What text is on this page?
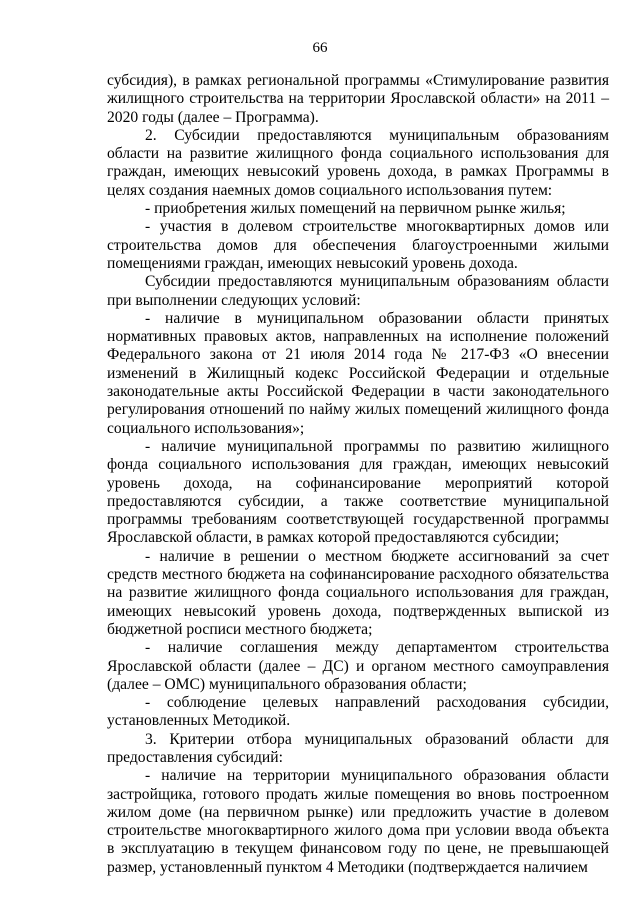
66

субсидия), в рамках региональной программы «Стимулирование развития жилищного строительства на территории Ярославской области» на 2011 – 2020 годы (далее – Программа).

2. Субсидии предоставляются муниципальным образованиям области на развитие жилищного фонда социального использования для граждан, имеющих невысокий уровень дохода, в рамках Программы в целях создания наемных домов социального использования путем:

- приобретения жилых помещений на первичном рынке жилья;

- участия в долевом строительстве многоквартирных домов или строительства домов для обеспечения благоустроенными жилыми помещениями граждан, имеющих невысокий уровень дохода.

Субсидии предоставляются муниципальным образованиям области при выполнении следующих условий:

- наличие в муниципальном образовании области принятых нормативных правовых актов, направленных на исполнение положений Федерального закона от 21 июля 2014 года № 217-ФЗ «О внесении изменений в Жилищный кодекс Российской Федерации и отдельные законодательные акты Российской Федерации в части законодательного регулирования отношений по найму жилых помещений жилищного фонда социального использования»;

- наличие муниципальной программы по развитию жилищного фонда социального использования для граждан, имеющих невысокий уровень дохода, на софинансирование мероприятий которой предоставляются субсидии, а также соответствие муниципальной программы требованиям соответствующей государственной программы Ярославской области, в рамках которой предоставляются субсидии;

- наличие в решении о местном бюджете ассигнований за счет средств местного бюджета на софинансирование расходного обязательства на развитие жилищного фонда социального использования для граждан, имеющих невысокий уровень дохода, подтвержденных выпиской из бюджетной росписи местного бюджета;

- наличие соглашения между департаментом строительства Ярославской области (далее – ДС) и органом местного самоуправления (далее – ОМС) муниципального образования области;

- соблюдение целевых направлений расходования субсидии, установленных Методикой.

3. Критерии отбора муниципальных образований области для предоставления субсидий:

- наличие на территории муниципального образования области застройщика, готового продать жилые помещения во вновь построенном жилом доме (на первичном рынке) или предложить участие в долевом строительстве многоквартирного жилого дома при условии ввода объекта в эксплуатацию в текущем финансовом году по цене, не превышающей размер, установленный пунктом 4 Методики (подтверждается наличием
